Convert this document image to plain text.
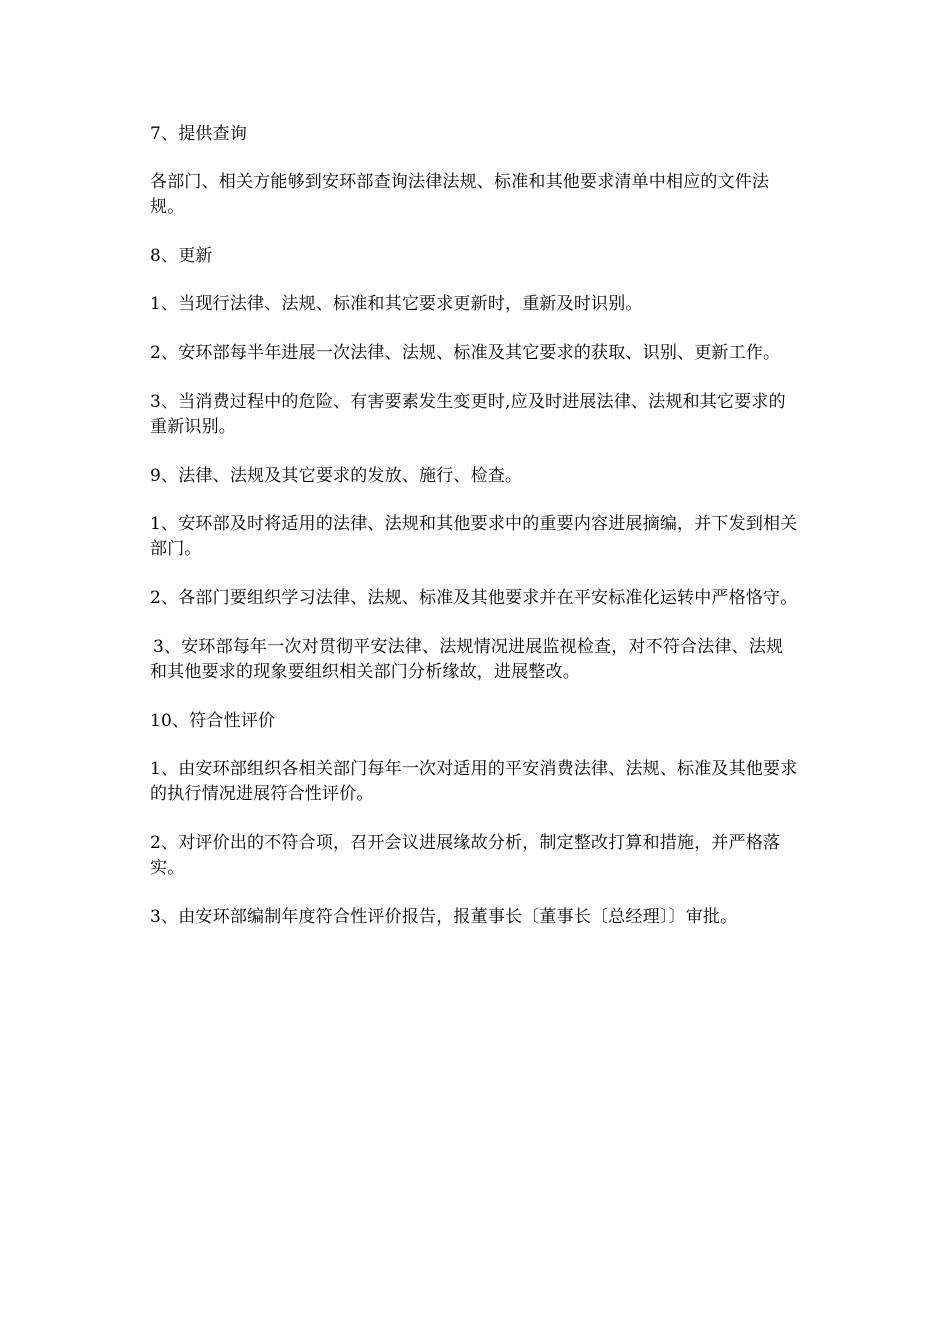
7、提供查询

各部门、相关方能够到安环部查询法律法规、标准和其他要求清单中相应的文件法规。

8、更新

1、当现行法律、法规、标准和其它要求更新时，重新及时识别。

2、安环部每半年进展一次法律、法规、标准及其它要求的获取、识别、更新工作。

3、当消费过程中的危险、有害要素发生变更时,应及时进展法律、法规和其它要求的重新识别。

9、法律、法规及其它要求的发放、施行、检查。

1、安环部及时将适用的法律、法规和其他要求中的重要内容进展摘编，并下发到相关部门。

2、各部门要组织学习法律、法规、标准及其他要求并在平安标准化运转中严格恪守。

3、安环部每年一次对贯彻平安法律、法规情况进展监视检查，对不符合法律、法规和其他要求的现象要组织相关部门分析缘故，进展整改。

10、符合性评价

1、由安环部组织各相关部门每年一次对适用的平安消费法律、法规、标准及其他要求的执行情况进展符合性评价。

2、对评价出的不符合项，召开会议进展缘故分析，制定整改打算和措施，并严格落实。

3、由安环部编制年度符合性评价报告，报董事长〔董事长〔总经理〕〕审批。
